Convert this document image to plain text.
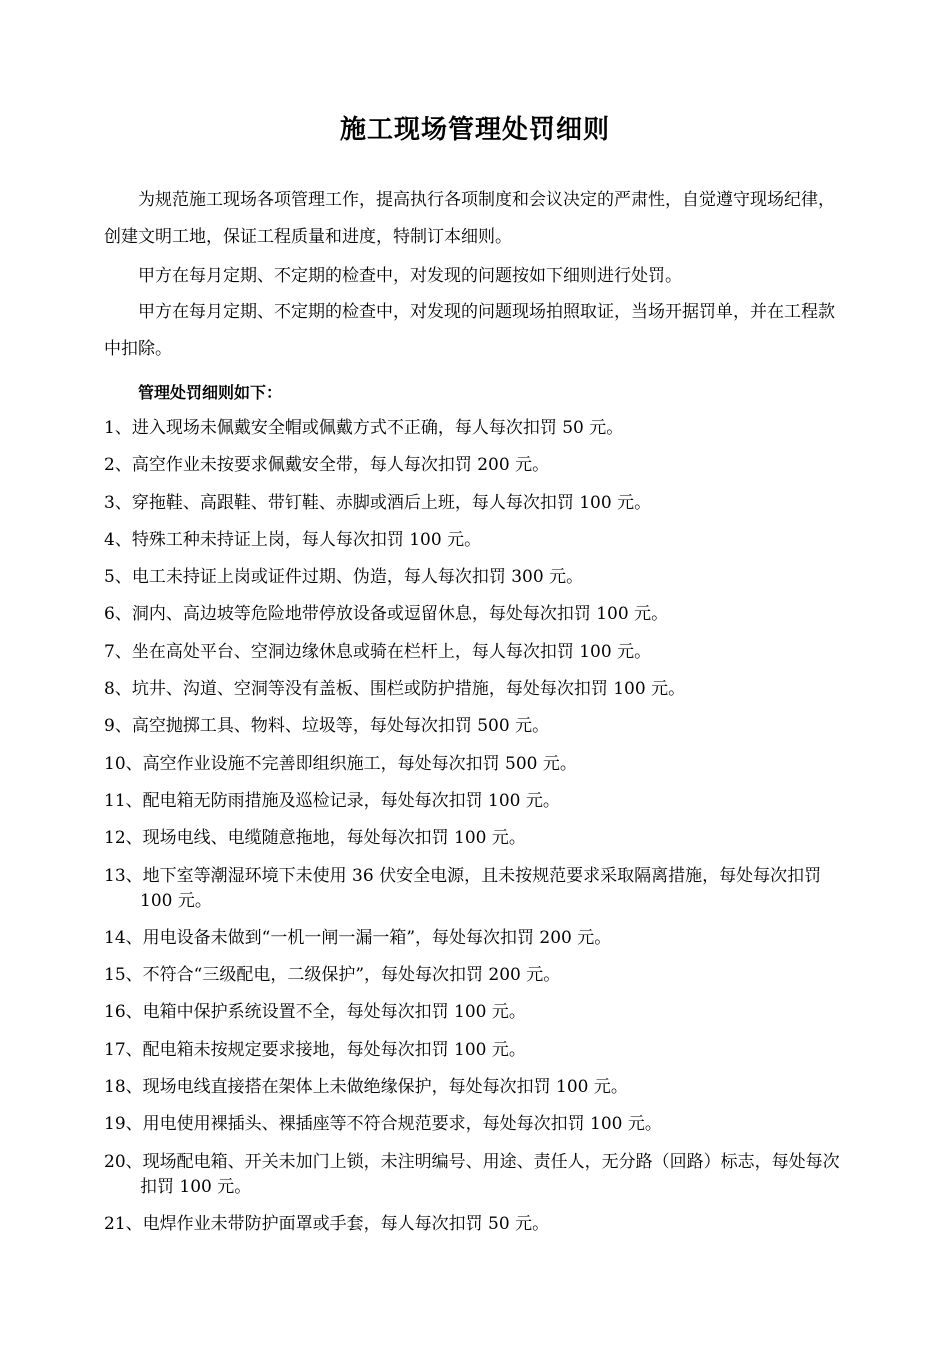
施工现场管理处罚细则

为规范施工现场各项管理工作，提高执行各项制度和会议决定的严肃性，自觉遵守现场纪律，创建文明工地，保证工程质量和进度，特制订本细则。

甲方在每月定期、不定期的检查中，对发现的问题按如下细则进行处罚。

甲方在每月定期、不定期的检查中，对发现的问题现场拍照取证，当场开据罚单，并在工程款中扣除。

管理处罚细则如下：
1、进入现场未佩戴安全帽或佩戴方式不正确，每人每次扣罚 50 元。
2、高空作业未按要求佩戴安全带，每人每次扣罚 200 元。
3、穿拖鞋、高跟鞋、带钉鞋、赤脚或酒后上班，每人每次扣罚 100 元。
4、特殊工种未持证上岗，每人每次扣罚 100 元。
5、电工未持证上岗或证件过期、伪造，每人每次扣罚 300 元。
6、洞内、高边坡等危险地带停放设备或逗留休息，每处每次扣罚 100 元。
7、坐在高处平台、空洞边缘休息或骑在栏杆上，每人每次扣罚 100 元。
8、坑井、沟道、空洞等没有盖板、围栏或防护措施，每处每次扣罚 100 元。
9、高空抛掷工具、物料、垃圾等，每处每次扣罚 500 元。
10、高空作业设施不完善即组织施工，每处每次扣罚 500 元。
11、配电箱无防雨措施及巡检记录，每处每次扣罚 100 元。
12、现场电线、电缆随意拖地，每处每次扣罚 100 元。
13、地下室等潮湿环境下未使用 36 伏安全电源，且未按规范要求采取隔离措施，每处每次扣罚 100 元。
14、用电设备未做到“一机一闸一漏一箱”，每处每次扣罚 200 元。
15、不符合“三级配电，二级保护”，每处每次扣罚 200 元。
16、电箱中保护系统设置不全，每处每次扣罚 100 元。
17、配电箱未按规定要求接地，每处每次扣罚 100 元。
18、现场电线直接搭在架体上未做绝缘保护，每处每次扣罚 100 元。
19、用电使用裸插头、裸插座等不符合规范要求，每处每次扣罚 100 元。
20、现场配电箱、开关未加门上锁，未注明编号、用途、责任人，无分路（回路）标志，每处每次扣罚 100 元。
21、电焊作业未带防护面罩或手套，每人每次扣罚 50 元。
